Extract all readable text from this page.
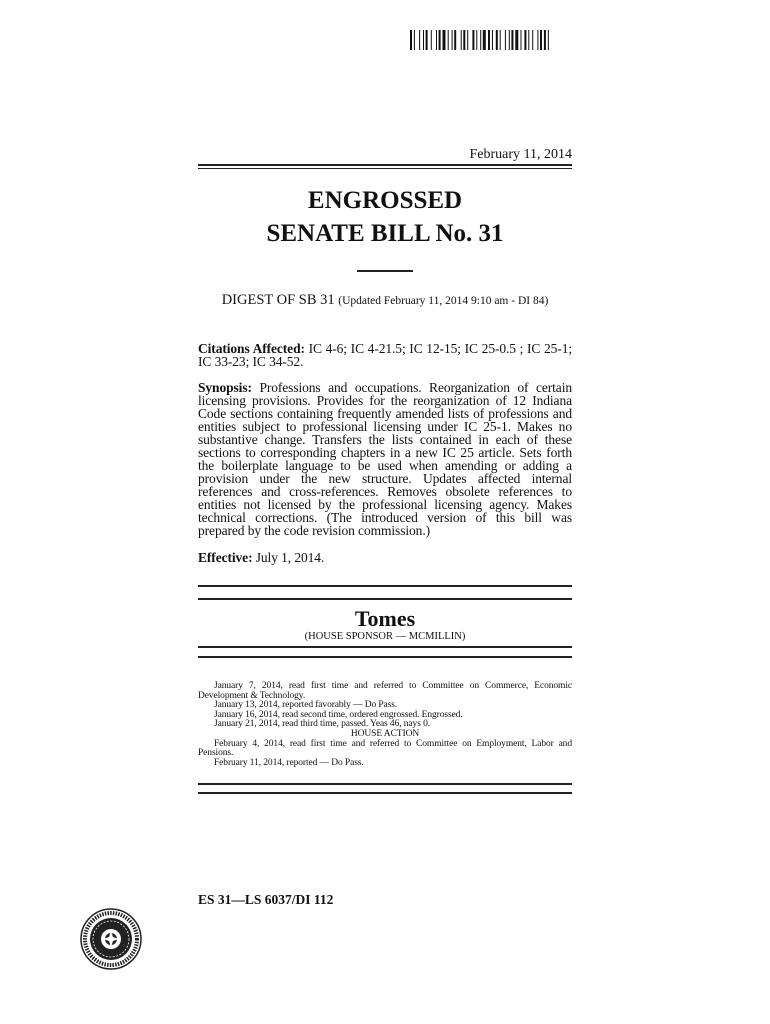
February 11, 2014
ENGROSSED
SENATE BILL No. 31
DIGEST OF SB 31 (Updated February 11, 2014 9:10 am - DI 84)
Citations Affected: IC 4-6; IC 4-21.5; IC 12-15; IC 25-0.5 ; IC 25-1; IC 33-23; IC 34-52.
Synopsis: Professions and occupations. Reorganization of certain licensing provisions. Provides for the reorganization of 12 Indiana Code sections containing frequently amended lists of professions and entities subject to professional licensing under IC 25-1. Makes no substantive change. Transfers the lists contained in each of these sections to corresponding chapters in a new IC 25 article. Sets forth the boilerplate language to be used when amending or adding a provision under the new structure. Updates affected internal references and cross-references. Removes obsolete references to entities not licensed by the professional licensing agency. Makes technical corrections. (The introduced version of this bill was prepared by the code revision commission.)
Effective: July 1, 2014.
Tomes
(HOUSE SPONSOR — MCMILLIN)
January 7, 2014, read first time and referred to Committee on Commerce, Economic Development & Technology.
January 13, 2014, reported favorably — Do Pass.
January 16, 2014, read second time, ordered engrossed. Engrossed.
January 21, 2014, read third time, passed. Yeas 46, nays 0.
HOUSE ACTION
February 4, 2014, read first time and referred to Committee on Employment, Labor and Pensions.
February 11, 2014, reported — Do Pass.
ES 31—LS 6037/DI 112
